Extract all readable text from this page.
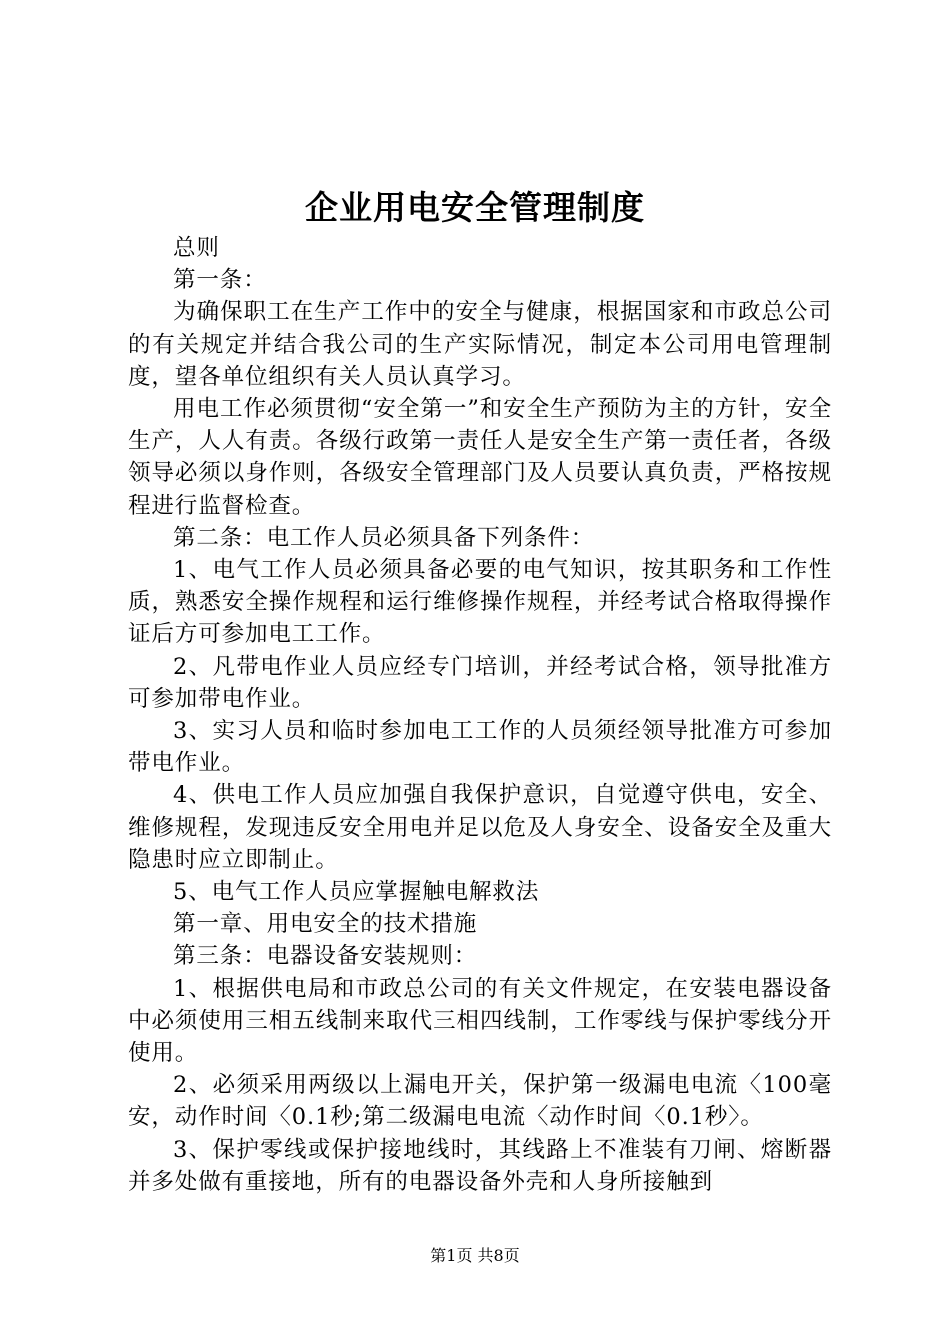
企业用电安全管理制度

总则

第一条：

为确保职工在生产工作中的安全与健康，根据国家和市政总公司的有关规定并结合我公司的生产实际情况，制定本公司用电管理制度，望各单位组织有关人员认真学习。

用电工作必须贯彻“安全第一”和安全生产预防为主的方针，安全生产，人人有责。各级行政第一责任人是安全生产第一责任者，各级领导必须以身作则，各级安全管理部门及人员要认真负责，严格按规程进行监督检查。

第二条：电工作人员必须具备下列条件：

1、电气工作人员必须具备必要的电气知识，按其职务和工作性质，熟悉安全操作规程和运行维修操作规程，并经考试合格取得操作证后方可参加电工工作。

2、凡带电作业人员应经专门培训，并经考试合格，领导批准方可参加带电作业。

3、实习人员和临时参加电工工作的人员须经领导批准方可参加带电作业。

4、供电工作人员应加强自我保护意识，自觉遵守供电，安全、维修规程，发现违反安全用电并足以危及人身安全、设备安全及重大隐患时应立即制止。

5、电气工作人员应掌握触电解救法

第一章、用电安全的技术措施

第三条：电器设备安装规则：

1、根据供电局和市政总公司的有关文件规定，在安装电器设备中必须使用三相五线制来取代三相四线制，工作零线与保护零线分开使用。

2、必须采用两级以上漏电开关，保护第一级漏电电流〈100毫安，动作时间〈0.1秒;第二级漏电电流〈动作时间〈0.1秒〉。

3、保护零线或保护接地线时，其线路上不准装有刀闸、熔断器并多处做有重接地，所有的电器设备外壳和人身所接触到

第1页 共8页
